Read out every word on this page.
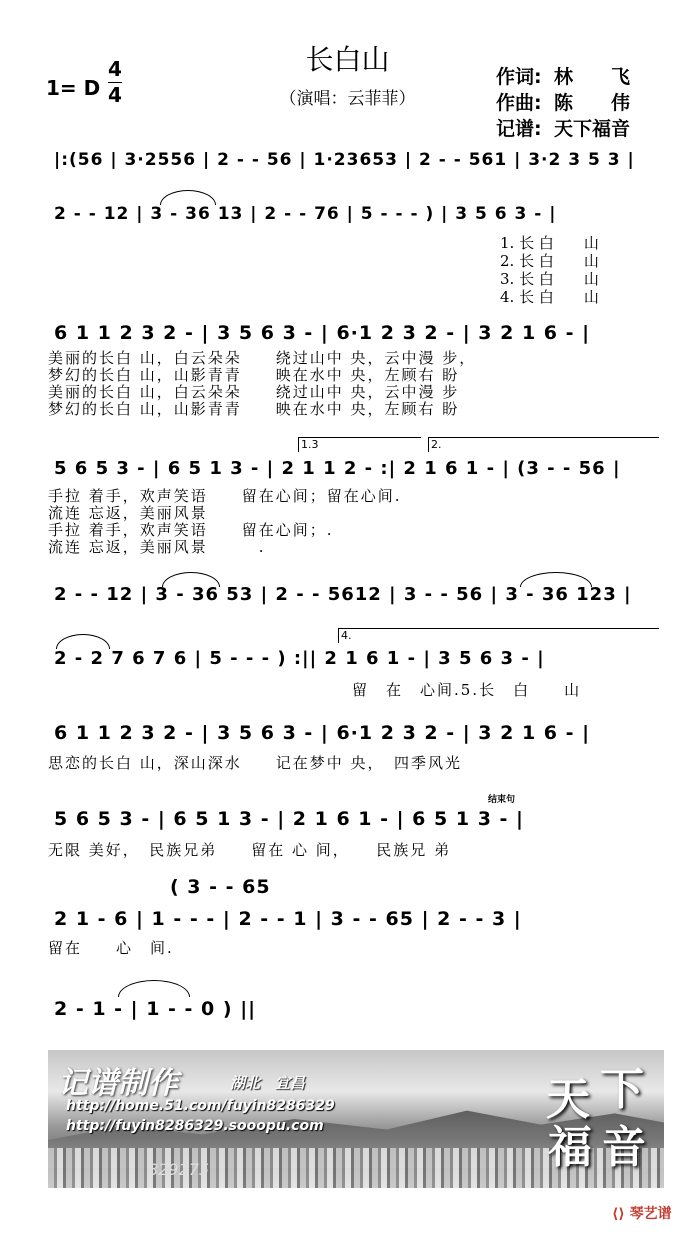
长白山
（演唱：云菲菲）
1= D
4
4
作词: 林　　飞
作曲: 陈　　伟
记谱: 天下福音
|:(56 | 3·2556 | 2 - - 56 | 1·23653 | 2 - - 561 | 3·2 3 5 3 |
2 - - 12 | 3 - 36 13 | 2 - - 76 | 5 - - - ) | 3 5 6 3 - |
1. 长 白　　山
2. 长 白　　山
3. 长 白　　山
4. 长 白　　山
6 1 1 2 3 2 - | 3 5 6 3 - | 6·1 2 3 2 - | 3 2 1 6 - |
美丽的长白 山，白云朵朵　　绕过山中 央，云中漫 步，
梦幻的长白 山，山影青青　　映在水中 央，左顾右 盼
美丽的长白 山，白云朵朵　　绕过山中 央，云中漫 步
梦幻的长白 山，山影青青　　映在水中 央，左顾右 盼
1.3	2.
5 6 5 3 - | 6 5 1 3 - | 2 1 1 2 - :| 2 1 6 1 - | (3 - - 56 |
手拉 着手，欢声笑语　　留在心间；留在心间.
流连 忘返，美丽风景
手拉 着手，欢声笑语　　留在心间；.
流连 忘返，美丽风景　　　.
2 - - 12 | 3 - 36 53 | 2 - - 5612 | 3 - - 56 | 3 - 36 123 |
4.
2 - 2 7 6 7 6 | 5 - - - ) :|| 2 1 6 1 - | 3 5 6 3 - |
留　在　心间.5.长　白　　山
6 1 1 2 3 2 - | 3 5 6 3 - | 6·1 2 3 2 - | 3 2 1 6 - |
思恋的长白 山，深山深水　　记在梦中 央，　四季风光
结束句
5 6 5 3 - | 6 5 1 3 - | 2 1 6 1 - | 6 5 1 3 - |
无限 美好，　民族兄弟　　留在 心 间，　　民族兄 弟
( 3 - - 65
2 1 - 6 | 1 - - - | 2 - - 1 | 3 - - 65 | 2 - - 3 |
留在　　心　间.
2 - 1 - | 1 - - 0 ) ||
记谱制作	湖北　宜昌
http://home.51.com/fuyin8286329
http://fuyin8286329.sooopu.com
829275
天 下
福 音
⟨⟩ 琴艺谱
